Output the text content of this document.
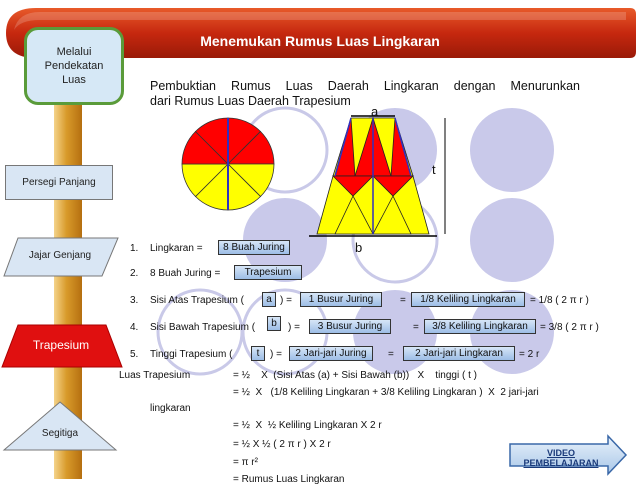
Menemukan Rumus Luas Lingkaran
Melalui
Pendekatan
Luas
Persegi Panjang
Jajar Genjang
Trapesium
Segitiga
Pembuktian Rumus Luas Daerah Lingkaran dengan Menurunkan
dari Rumus Luas Daerah Trapesium
a
t
b
1. Lingkaran =	8 Buah Juring
2. 8 Buah Juring =	Trapesium
3. Sisi Atas Trapesium (	a ) =	1 Busur Juring	=	1/8 Keliling Lingkaran	= 1/8 ( 2 π r )
4. Sisi Bawah Trapesium (	b	) =	3 Busur Juring	=	3/8 Keliling Lingkaran	= 3/8 ( 2 π r )
5. Tinggi Trapesium (	t	) =	2 Jari-jari Juring	=	2 Jari-jari Lingkaran	= 2 r
Luas Trapesium	= ½    X  (Sisi Atas (a) + Sisi Bawah (b))   X    tinggi ( t )
= ½  X   (1/8 Keliling Lingkaran + 3/8 Keliling Lingkaran )  X  2 jari-jari
lingkaran
= ½  X  ½ Keliling Lingkaran X 2 r
= ½ X ½ ( 2 π r ) X 2 r
= π r²
= Rumus Luas Lingkaran
VIDEO PEMBELAJARAN
